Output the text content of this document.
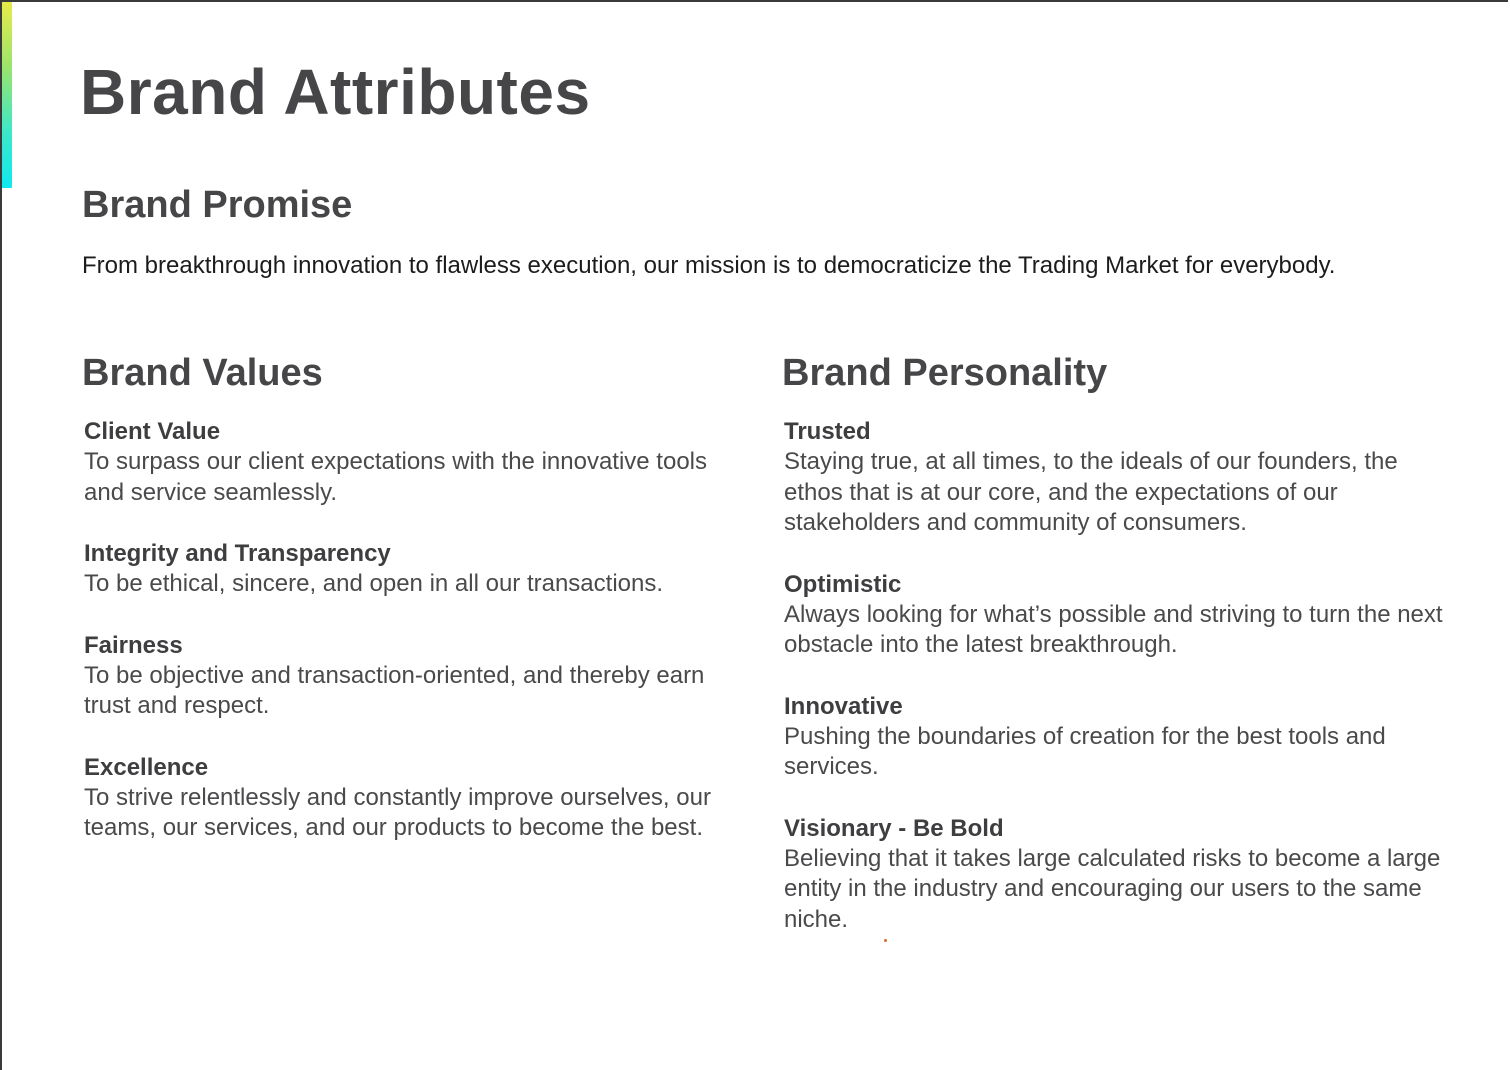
Brand Attributes
Brand Promise

From breakthrough innovation to flawless execution, our mission is to democraticize the Trading Market for everybody.

Brand Values
Client Value
To surpass our client expectations with the innovative tools and service seamlessly.
Integrity and Transparency
To be ethical, sincere, and open in all our transactions.
Fairness
To be objective and transaction-oriented, and thereby earn trust and respect.
Excellence
To strive relentlessly and constantly improve ourselves, our teams, our services, and our products to become the best.
Brand Personality
Trusted
Staying true, at all times, to the ideals of our founders, the ethos that is at our core, and the expectations of our stakeholders and community of consumers.
Optimistic
Always looking for what’s possible and striving to turn the next obstacle into the latest breakthrough.
Innovative
Pushing the boundaries of creation for the best tools and services.
Visionary - Be Bold
Believing that it takes large calculated risks to become a large entity in the industry and encouraging our users to the same niche.
